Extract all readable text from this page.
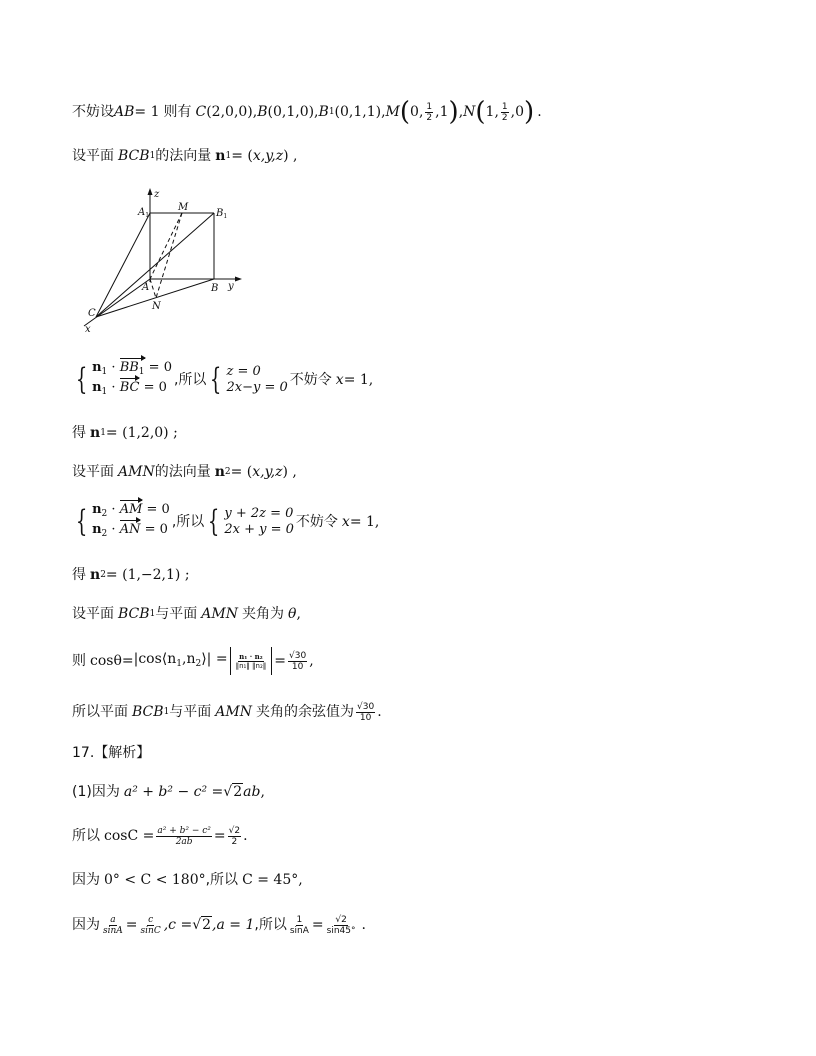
不妨设 AB = 1 则有 C (2,0,0), B (0,1,0), B 1 (0,1,1), M ( 0 , $\frac{1}{2}$ , 1 ) , N ( 1 , $\frac{1}{2}$ , 0 ) .
设平面 BCB 1 的法向量 n 1 = ( x,y,z ) ,
z
$A_1$
M
$B_1$
A	y
B
N
C
x
{ $n_1 \cdot BB_1 = 0$
$n_1$ · BC = 0 ,所以 { z = 0
2x−y = 0 不妨令 x = 1,
得 n 1 = (1,2,0) ;
设平面 AMN 的法向量 n 2 = ( x,y,z ) ,
{ $n_2$ · AM = 0
$n_2$ · AN = 0 ,所以 { y + 2z = 0
2x + y = 0 不妨令 x = 1,
得 n 2 = (1,−2,1) ;
设平面 BCB 1 与平面 AMN 夹角为 θ ,
则 $\cos\theta = |\cos⟨n_1,n_2⟩| = \frac{\text{n₁ · n₂}}{\text{‖n₁‖ ‖n₂‖}} = \frac{√30}{10}$ ,
所以平面 BCB 1 与平面 AMN 夹角的余弦值为 $\frac{√30}{10}$ .
17.【解析】
(1)因为 a² + b² − c² = √2 ab ,
所以 $\cos C = \frac{\text{a² + b² − c²}}{2ab} = \frac{√2}{2}$ .
因为 0° < C < 180° ,所以 C = 45° ,
因为 $\frac{a}{\sin A} = \frac{c}{\sin C} ,c = √2$ ,a = 1 ,所以 $\frac{1}{\sin A} = \frac{√2}{\sin 45^\circ}$ .
